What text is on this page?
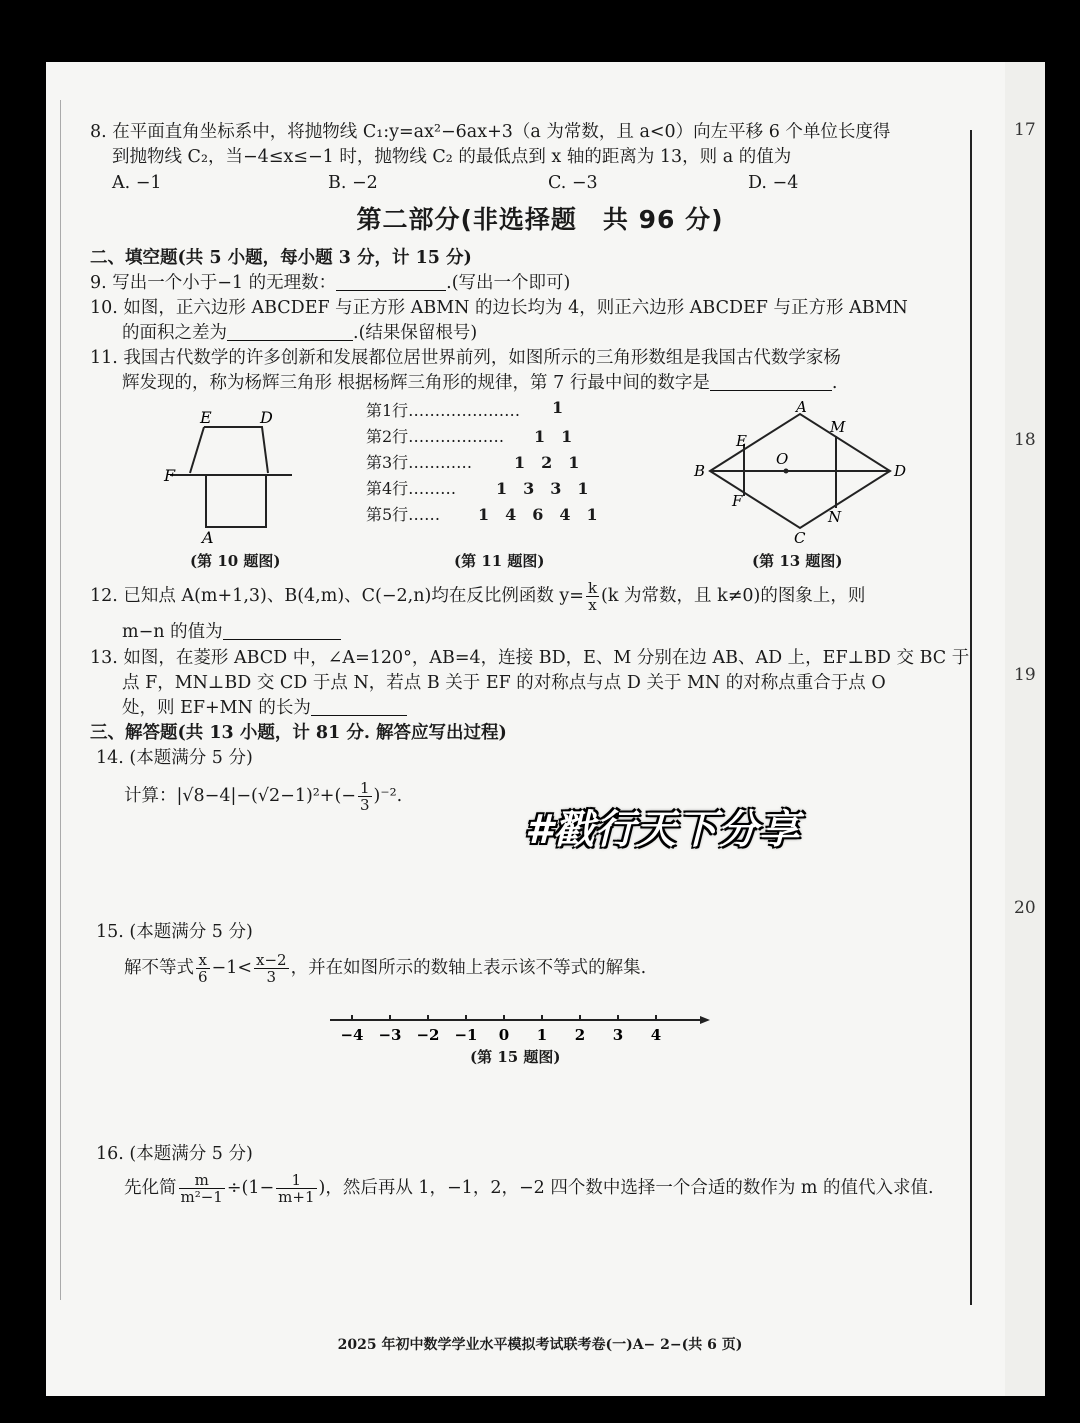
17
18
19
20
8. 在平面直角坐标系中，将抛物线 C₁:y=ax²−6ax+3（a 为常数，且 a<0）向左平移 6 个单位长度得
到抛物线 C₂，当−4≤x≤−1 时，抛物线 C₂ 的最低点到 x 轴的距离为 13，则 a 的值为
A. −1	B. −2	C. −3	D. −4
第二部分(非选择题　共 96 分)
二、填空题(共 5 小题，每小题 3 分，计 15 分)
9. 写出一个小于−1 的无理数：	.(写出一个即可)
10. 如图，正六边形 ABCDEF 与正方形 ABMN 的边长均为 4，则正六边形 ABCDEF 与正方形 ABMN
的面积之差为	.(结果保留根号)
11. 我国古代数学的许多创新和发展都位居世界前列，如图所示的三角形数组是我国古代数学家杨
辉发现的，称为杨辉三角形 根据杨辉三角形的规律，第 7 行最中间的数字是	.
E	D
F
A
(第 10 题图)

第1行…………………

1

第2行………………

1　1

第3行…………

	1　2　1

第4行………

1　3　3　1

第5行……

1　4　6　4　1

(第 11 题图)
A
M
E
B
O
D
F
N
C
(第 13 题图)
12. 已知点 A(m+1,3)、B(4,m)、C(−2,n)均在反比例函数 $y= \frac{k}{x} (k$ 为常数，且 k≠0)的图象上，则
m−n 的值为
13. 如图，在菱形 ABCD 中，∠A=120°，AB=4，连接 BD，E、M 分别在边 AB、AD 上，EF⊥BD 交 BC 于
点 F，MN⊥BD 交 CD 于点 N，若点 B 关于 EF 的对称点与点 D 关于 MN 的对称点重合于点 O
处，则 EF+MN 的长为
三、解答题(共 13 小题，计 81 分. 解答应写出过程)
14. (本题满分 5 分)
计算：$|√8-4|-(√2-1)^2+(- \frac{1}{3} )^{-2}$.
#戳行天下分享
15. (本题满分 5 分)
解不等式 $\frac{x}{6} -1< \frac{x-2}{3}$ ，并在如图所示的数轴上表示该不等式的解集.
−4 −3 −2 −1 0 1 2 3 4
(第 15 题图)
16. (本题满分 5 分)
先化简 $\frac{m}{\text{m²−1}} \div(1- \frac{1}{m+1}$ )，然后再从 1，−1，2，−2 四个数中选择一个合适的数作为 m 的值代入求值.
2025 年初中数学学业水平模拟考试联考卷(一)A− 2−(共 6 页)
